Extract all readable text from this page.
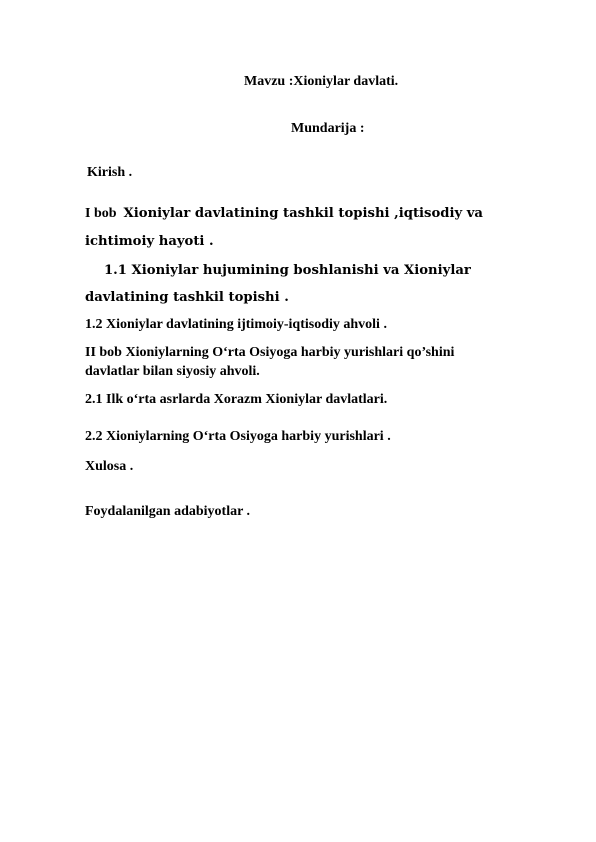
Mavzu :Xioniylar davlati.

Mundarija :

Kirish .

I bob Xioniylar davlatining tashkil topishi ,iqtisodiy va

ichtimoiy hayoti .

1.1 Xioniylar hujumining boshlanishi va Xioniylar

davlatining tashkil topishi .

1.2 Xioniylar davlatining ijtimoiy-iqtisodiy ahvoli .

II bob Xioniylarning O‘rta Osiyoga harbiy yurishlari qo’shini

davlatlar bilan siyosiy ahvoli.

2.1 Ilk o‘rta asrlarda Xorazm Xioniylar davlatlari.

2.2 Xioniylarning O‘rta Osiyoga harbiy yurishlari .

Xulosa .

Foydalanilgan adabiyotlar .
